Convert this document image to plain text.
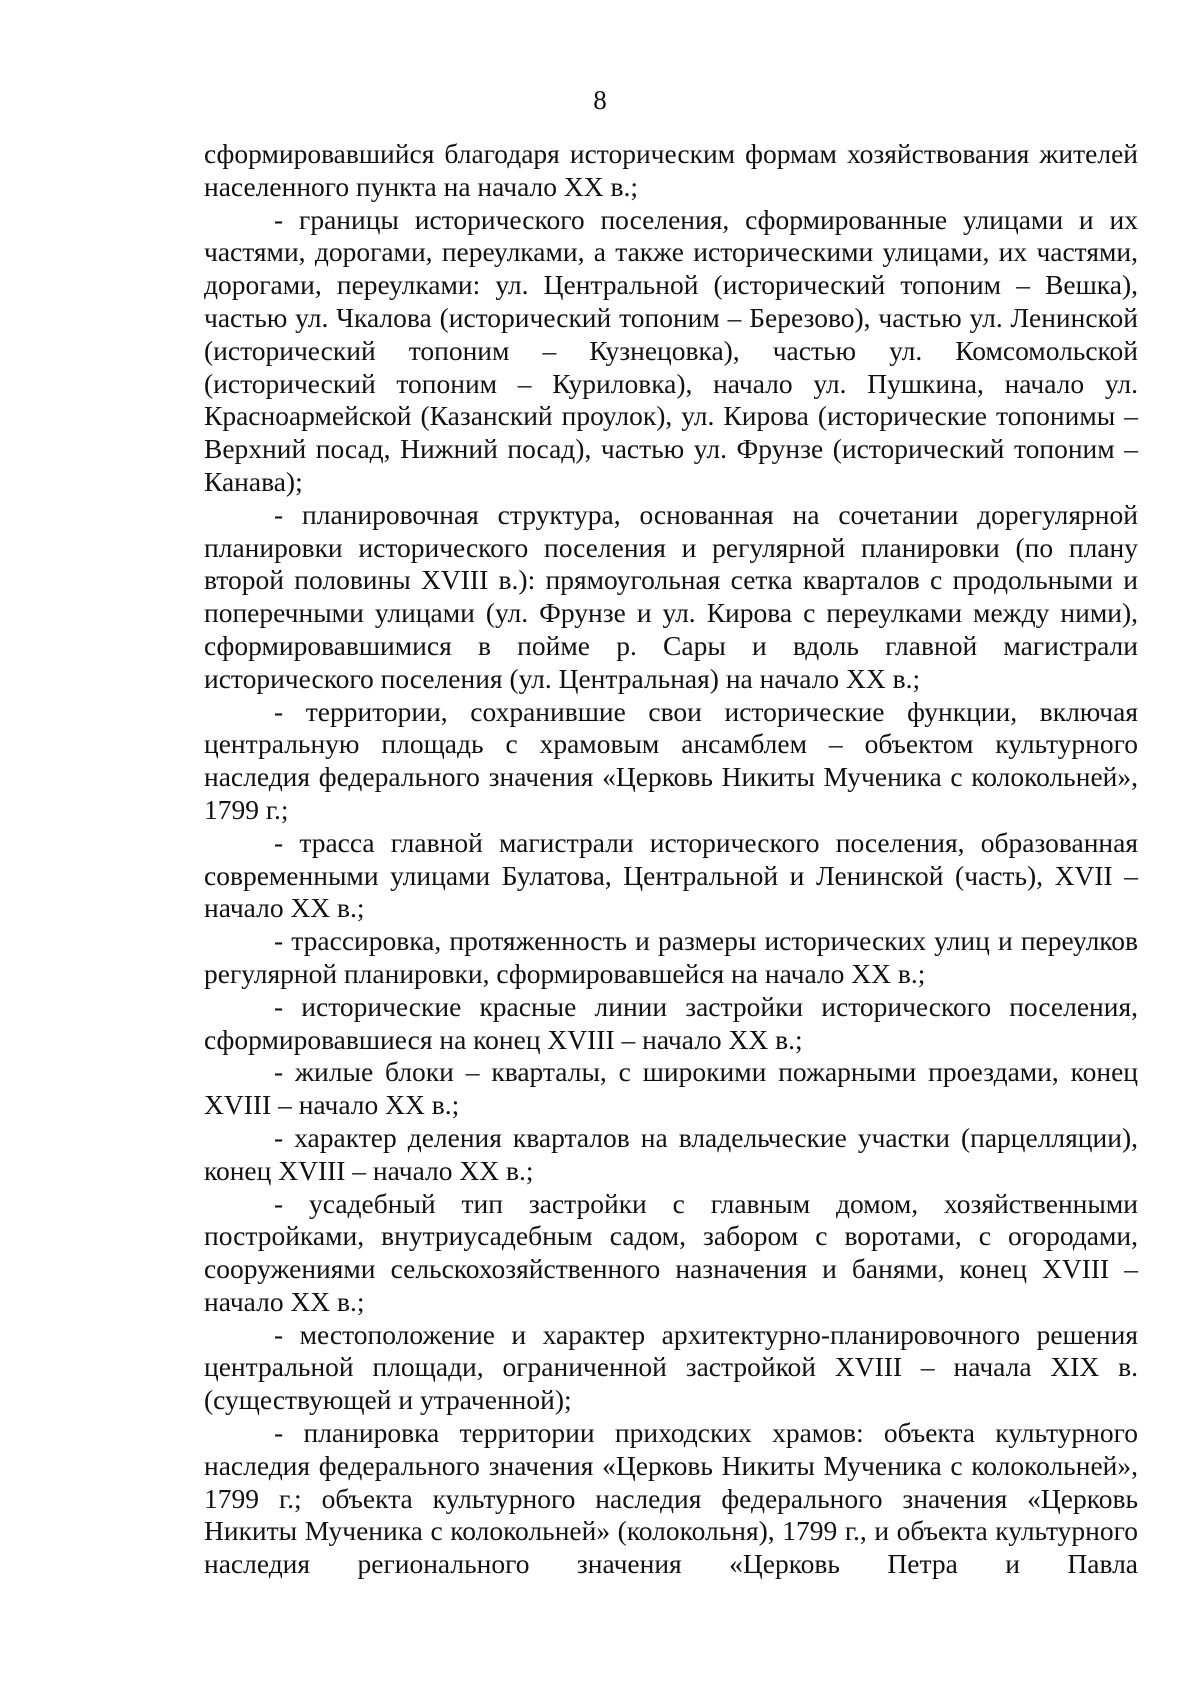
8

сформировавшийся благодаря историческим формам хозяйствования жителей населенного пункта на начало XX в.;

- границы исторического поселения, сформированные улицами и их частями, дорогами, переулками, а также историческими улицами, их частями, дорогами, переулками: ул. Центральной (исторический топоним – Вешка), частью ул. Чкалова (исторический топоним – Березово), частью ул. Ленинской (исторический топоним – Кузнецовка), частью ул. Комсомольской (исторический топоним – Куриловка), начало ул. Пушкина, начало ул. Красноармейской (Казанский проулок), ул. Кирова (исторические топонимы – Верхний посад, Нижний посад), частью ул. Фрунзе (исторический топоним – Канава);

- планировочная структура, основанная на сочетании дорегулярной планировки исторического поселения и регулярной планировки (по плану второй половины XVIII в.): прямоугольная сетка кварталов с продольными и поперечными улицами (ул. Фрунзе и ул. Кирова с переулками между ними), сформировавшимися в пойме р. Сары и вдоль главной магистрали исторического поселения (ул. Центральная) на начало XX в.;

- территории, сохранившие свои исторические функции, включая центральную площадь с храмовым ансамблем – объектом культурного наследия федерального значения «Церковь Никиты Мученика с колокольней», 1799 г.;

- трасса главной магистрали исторического поселения, образованная современными улицами Булатова, Центральной и Ленинской (часть), XVII – начало XX в.;

- трассировка, протяженность и размеры исторических улиц и переулков регулярной планировки, сформировавшейся на начало XX в.;

- исторические красные линии застройки исторического поселения, сформировавшиеся на конец XVIII – начало XX в.;

- жилые блоки – кварталы, с широкими пожарными проездами, конец XVIII – начало XX в.;

- характер деления кварталов на владельческие участки (парцелляции), конец XVIII – начало XX в.;

- усадебный тип застройки с главным домом, хозяйственными постройками, внутриусадебным садом, забором с воротами, с огородами, сооружениями сельскохозяйственного назначения и банями, конец XVIII – начало XX в.;

- местоположение и характер архитектурно-планировочного решения центральной площади, ограниченной застройкой XVIII – начала XIX в. (существующей и утраченной);

- планировка территории приходских храмов: объекта культурного наследия федерального значения «Церковь Никиты Мученика с колокольней», 1799 г.; объекта культурного наследия федерального значения «Церковь Никиты Мученика с колокольней» (колокольня), 1799 г., и объекта культурного наследия регионального значения «Церковь Петра и Павла
